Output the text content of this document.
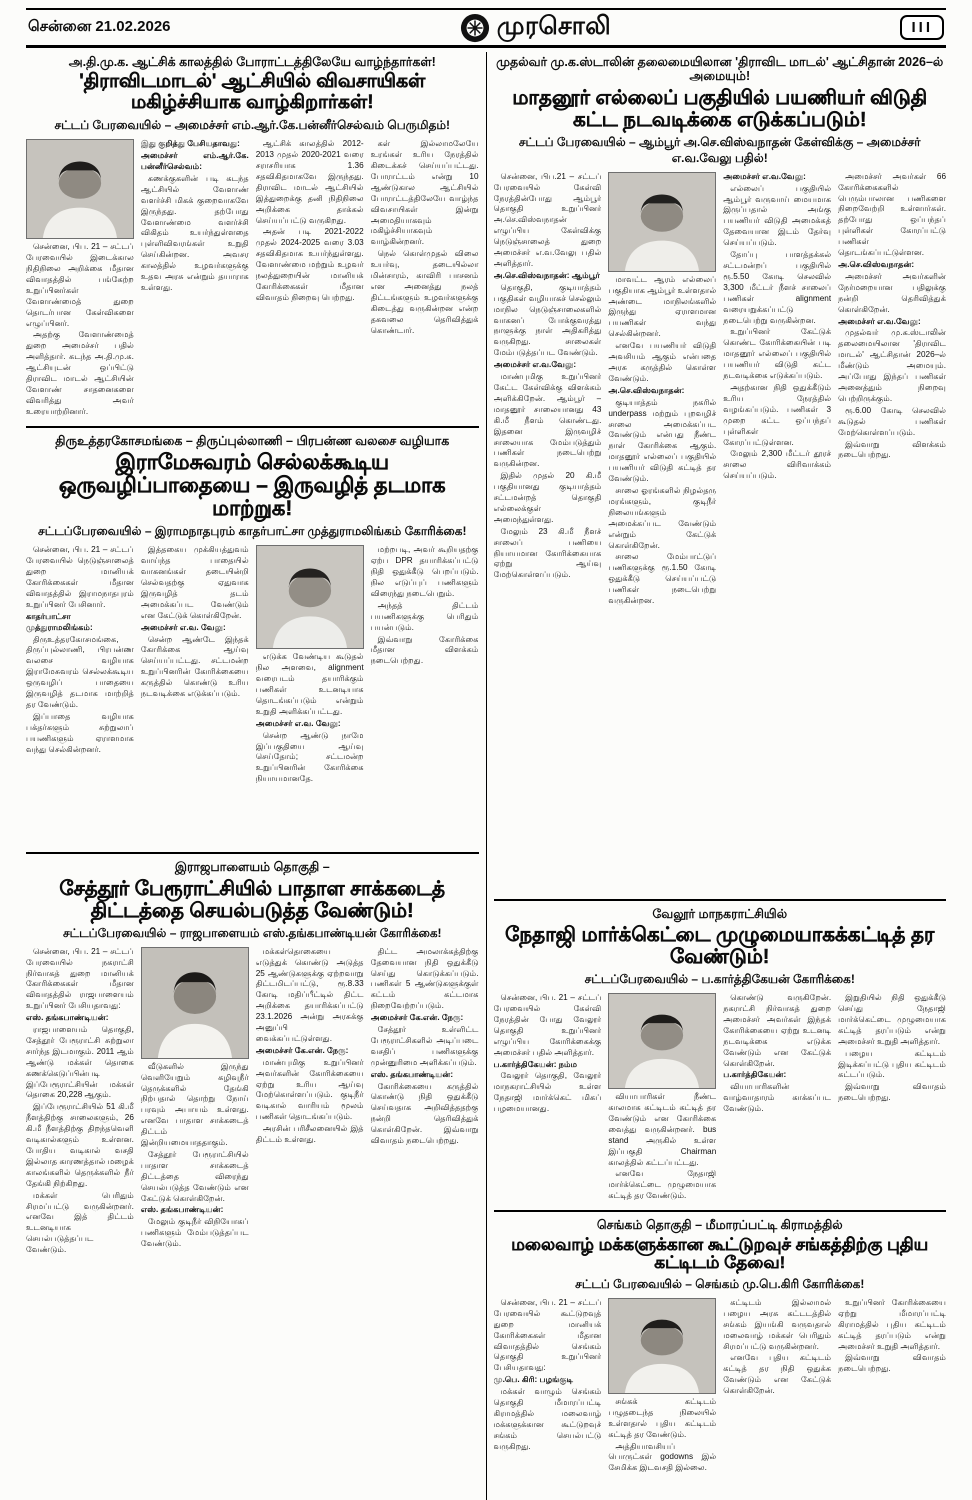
சென்னை 21.02.2026	முரசொலி	III
அ.தி.மு.க. ஆட்சிக் காலத்தில் போராட்டத்திலேயே வாழ்ந்தார்கள்!
'திராவிடமாடல்' ஆட்சியில் விவசாயிகள் மகிழ்ச்சியாக வாழ்கிறார்கள்!
சட்டப் பேரவையில் – அமைச்சர் எம்.ஆர்.கே.பன்னீர்செல்வம் பெருமிதம்!

சென்னை, பிப. 21 – சட்டப் பேரவையில் இடைக்கால நிதிநிலை அறிக்கை மீதான விவாதத்தில் பங்கேற்ற உறுப்பினர்கள் வேளாண்மைத் துறை தொடர்பான கேள்விகளை எழுப்பினர்.

அதற்கு வேளாண்மைத் துறை அமைச்சர் பதில் அளித்தார். கடந்த அ.தி.மு.க. ஆட்சியுடன் ஒப்பிட்டு திராவிட மாடல் ஆட்சியின் வேளாண் சாதனைகளை விவரித்து அவர் உரையாற்றினார்.

இது குறித்து பேசியதாவது:

அமைச்சர் எம்.ஆர்.கே. பன்னீர்செல்வம்:

கணக்குகளின் படி கடந்த ஆட்சியில் வேளாண் வளர்ச்சி மிகக் குறைவாகவே இருந்தது. தற்போது வேளாண்மை வளர்ச்சி விகிதம் உயர்ந்துள்ளதை புள்ளிவிவரங்கள் உறுதி செய்கின்றன. அவசர காலத்தில் உழவர்களுக்கு உதவ அரசு என்றும் தயாராக உள்ளது.

ஆட்சிக் காலத்தில் 2012-2013 முதல் 2020-2021 வரை சராசரியாக 1.36 சதவிகிதமாகவே இருந்தது. திராவிட மாடல் ஆட்சியில் இத்துறைக்கு தனி நிதிநிலை அறிக்கை தாக்கல் செய்யப்பட்டு வருகிறது.

அதன் படி 2021-2022 முதல் 2024-2025 வரை 3.03 சதவிகிதமாக உயர்ந்துள்ளது. வேளாண்மை மற்றும் உழவர் நலத்துறையின் மானியக் கோரிக்கைகள் மீதான விவாதம் நிறைவு பெற்றது.

கள் இல்லாமலேயே உரங்கள் உரிய நேரத்தில் கிடைக்கச் செய்யப்பட்டது. போராட்டம் என்று 10 ஆண்டுகால ஆட்சியில் போராட்டத்திலேயே வாழ்ந்த விவசாயிகள் இன்று அமைதியாகவும் மகிழ்ச்சியாகவும் வாழ்கின்றனர்.

நெல் கொள்முதல் விலை உயர்வு, தடையில்லா மின்சாரம், காவிரி பாசனம் என அனைத்து நலத் திட்டங்களும் உழவர்களுக்கு கிடைத்து வருகின்றன என்ற தகவலை தெரிவித்துக் கொண்டார்.

திருஉத்தரகோசமங்கை – திருப்புல்லாணி – பிரபன்ண வலசை வழியாக
இராமேசுவரம் செல்லக்கூடிய ஒருவழிப்பாதையை – இருவழித் தடமாக மாற்றுக!
சட்டப்பேரவையில் – இராமநாதபுரம் காதர்பாட்சா முத்துராமலிங்கம் கோரிக்கை!

சென்னை, பிப. 21 – சட்டப் பேரவையில் நெடுஞ்சாலைத் துறை மானியக் கோரிக்கைகள் மீதான விவாதத்தில் இராமநாதபுரம் உறுப்பினர் பேசினார்.

காதர்பாட்சா முத்துராமலிங்கம்:

திருஉத்தரகோசமங்கை, திருப்புல்லாணி, பிரபன்ண வலசை வழியாக இராமேசுவரம் செல்லக்கூடிய ஒருவழிப் பாதையை இருவழித் தடமாக மாற்றித் தர வேண்டும்.

இப்பாதை வழியாக பக்தர்களும் சுற்றுலாப் பயணிகளும் ஏராளமாக வந்து செல்கின்றனர்.

இத்தகைய முக்கியத்துவம் வாய்ந்த பாதையில் வாகனங்கள் தடையின்றி செல்வதற்கு ஏதுவாக இருவழித் தடம் அமைக்கப்பட வேண்டும் என கேட்டுக் கொள்கிறேன்.

அமைச்சர் எ.வ. வேலு:

சென்ற ஆண்டே இந்தக் கோரிக்கை ஆய்வு செய்யப்பட்டது. சட்டமன்ற உறுப்பினரின் கோரிக்கையை கருத்தில் கொண்டு உரிய நடவடிக்கை எடுக்கப்படும்.

எடுக்க வேண்டிய கூடுதல் நில அளவை, alignment வரைபடம் தயாரிக்கும் பணிகள் உடனடியாக தொடங்கப்படும் என்றும் உறுதி அளிக்கப்பட்டது.

அமைச்சர் எ.வ. வேலு:

சென்ற ஆண்டு நாமே இப்பகுதியை ஆய்வு செய்தோம்; சட்டமன்ற உறுப்பினரின் கோரிக்கை நியாயமானதே.

மற்றபடி, அவர் கூறியதற்கு ஏற்ப DPR தயாரிக்கப்பட்டு நிதி ஒதுக்கீடு பெறப்படும். நில எடுப்புப் பணிகளும் விரைந்து நடைபெறும்.

அந்தத் திட்டம் பயணிகளுக்கு பெரிதும் பயன்படும்.

இவ்வாறு கோரிக்கை மீதான விளக்கம் நடைபெற்றது.

இராஜபாளையம் தொகுதி –
சேத்தூர் பேரூராட்சியில் பாதாள சாக்கடைத் திட்டத்தை செயல்படுத்த வேண்டும்!
சட்டப்பேரவையில் – ராஜபாளையம் எஸ்.தங்கபாண்டியன் கோரிக்கை!

சென்னை, பிப. 21 – சட்டப் பேரவையில் நகராட்சி நிர்வாகத் துறை மானியக் கோரிக்கைகள் மீதான விவாதத்தில் ராஜபாளையம் உறுப்பினர் பேசியதாவது:

எஸ். தங்கபாண்டியன்:

ராஜபாளையம் தொகுதி, சேத்தூர் பேரூராட்சி சுற்றுலா சார்ந்த இடமாகும். 2011 ஆம் ஆண்டு மக்கள் தொகை கணக்கெடுப்பின்படி இப்பேரூராட்சியின் மக்கள் தொகை 20,228 ஆகும்.

இப்பேரூராட்சியில் 51 கி.மீ நீளத்திற்கு சாலைகளும், 26 கி.மீ நீளத்திற்கு திறந்தவெளி வடிகால்களும் உள்ளன. போதிய வடிகால் வசதி இல்லாத காரணத்தால் மழைக் காலங்களில் தெருக்களில் நீர் தேங்கி நிற்கிறது.

மக்கள் பெரிதும் சிரமப்பட்டு வருகின்றனர். எனவே இத் திட்டம் உடனடியாக செயல்படுத்தப்பட வேண்டும்.

வீடுகளில் இருந்து வெளியேறும் கழிவுநீர் தெருக்களில் தேங்கி நிற்பதால் தொற்று நோய் பரவும் அபாயம் உள்ளது. எனவே பாதாள சாக்கடைத் திட்டம் இன்றியமையாததாகும்.

சேத்தூர் பேரூராட்சியில் பாதாள சாக்கடைத் திட்டத்தை விரைந்து செயல்படுத்த வேண்டும் என கேட்டுக் கொள்கிறேன்.

எஸ். தங்கபாண்டியன்:

மேலும் குடிநீர் விநியோகப் பணிகளும் மேம்படுத்தப்பட வேண்டும்.

மக்கள்தொகையை எடுத்துக் கொண்டு அடுத்த 25 ஆண்டுகளுக்கு ஏற்றவாறு திட்டமிடப்பட்டு, ரூ.8.33 கோடி மதிப்பீட்டில் திட்ட அறிக்கை தயாரிக்கப்பட்டு 23.1.2026 அன்று அரசுக்கு அனுப்பி வைக்கப்பட்டுள்ளது.

அமைச்சர் கே.என். நேரு:

மாண்புமிகு உறுப்பினர் அவர்களின் கோரிக்கையை ஏற்று உரிய ஆய்வு மேற்கொள்ளப்படும். குடிநீர் வடிகால் வாரியம் மூலம் பணிகள் தொடங்கப்படும்.

அரசின் பரிசீலனையில் இத் திட்டம் உள்ளது.

திட்ட அமலாக்கத்திற்கு தேவையான நிதி ஒதுக்கீடு செய்து கொடுக்கப்படும். பணிகள் 5 ஆண்டுகளுக்குள் கட்டம் கட்டமாக நிறைவேற்றப்படும்.

அமைச்சர் கே.என். நேரு:

சேத்தூர் உள்ளிட்ட பேரூராட்சிகளில் அடிப்படை வசதிப் பணிகளுக்கு முன்னுரிமை அளிக்கப்படும்.

எஸ். தங்கபாண்டியன்:

கோரிக்கையை கருத்தில் கொண்டு நிதி ஒதுக்கீடு செய்வதாக அறிவித்ததற்கு நன்றி தெரிவித்துக் கொள்கிறேன். இவ்வாறு விவாதம் நடைபெற்றது.

முதல்வர் மு.க.ஸ்டாலின் தலைமையிலான 'திராவிட மாடல்' ஆட்சிதான் 2026–ல் அமையும்!
மாதனூர் எல்லைப் பகுதியில் பயணியர் விடுதி கட்ட நடவடிக்கை எடுக்கப்படும்!
சட்டப் பேரவையில் – ஆம்பூர் அ.செ.விஸ்வநாதன் கேள்விக்கு – அமைச்சர் எ.வ.வேலு பதில்!

சென்னை, பிப.21 – சட்டப் பேரவையில் கேள்வி நேரத்தின்போது ஆம்பூர் தொகுதி உறுப்பினர் அ.செ.விஸ்வநாதன் எழுப்பிய கேள்விக்கு நெடுஞ்சாலைத் துறை அமைச்சர் எ.வ.வேலு பதில் அளித்தார்.

அ.செ.விஸ்வநாதன்: ஆம்பூர்

தொகுதி, குடியாத்தம் பகுதிகள் வழியாகச் செல்லும் மாநில நெடுஞ்சாலைகளில் வாகனப் போக்குவரத்து நாளுக்கு நாள் அதிகரித்து வருகிறது. சாலைகள் மேம்படுத்தப்பட வேண்டும்.

அமைச்சர் எ.வ.வேலு:

மாண்புமிகு உறுப்பினர் கேட்ட கேள்விக்கு விளக்கம் அளிக்கிறேன். ஆம்பூர் – மாதனூர் சாலையானது 43 கி.மீ நீளம் கொண்டது. இதனை இருவழிச் சாலையாக மேம்படுத்தும் பணிகள் நடைபெற்று வருகின்றன.

இதில் முதல் 20 கி.மீ பகுதியானது குடியாத்தம் சட்டமன்றத் தொகுதி எல்லைக்குள் அமைந்துள்ளது.

மேலும் 23 கி.மீ நீளச் சாலைப் பணியை நியாயமான கோரிக்கையாக ஏற்று ஆய்வு மேற்கொள்ளப்படும்.

மாவட்ட ஆரம் எல்லைப் பகுதியாக ஆம்பூர் உள்ளதால் அண்டை மாநிலங்களில் இருந்து ஏராளமான பயணிகள் வந்து செல்கின்றனர்.

எனவே பயணியர் விடுதி அவசியம் ஆகும் என்பதை அரசு கருத்தில் கொள்ள வேண்டும்.

அ.செ.விஸ்வநாதன்:

குடியாத்தம் நகரில் underpass மற்றும் புறவழிச் சாலை அமைக்கப்பட வேண்டும் என்பது நீண்ட நாள் கோரிக்கை ஆகும். மாதனூர் எல்லைப் பகுதியில் பயணியர் விடுதி கட்டித் தர வேண்டும்.

சாலை ஓரங்களில் நிழல்தரு மரங்களும், குடிநீர் நிலையங்களும் அமைக்கப்பட வேண்டும் என்றும் கேட்டுக் கொள்கிறேன்.

சாலை மேம்பாட்டுப் பணிகளுக்கு ரூ.1.50 கோடி ஒதுக்கீடு செய்யப்பட்டு பணிகள் நடைபெற்று வருகின்றன.

அமைச்சர் எ.வ.வேலு:

எல்லைப் பகுதியில் ஆம்பூர் வருவாய் மையமாக இருப்பதால் அங்கு பயணியர் விடுதி அமைக்கத் தேவையான இடம் தேர்வு செய்யப்படும்.

தோப்பு பாளத்தக்கல் சட்டமன்றப் பகுதியில் ரூ.5.50 கோடி செலவில் 3,300 மீட்டர் நீளச் சாலைப் பணிகள் alignment வரையறுக்கப்பட்டு நடைபெற்று வருகின்றன.

உறுப்பினர் கேட்டுக் கொண்ட கோரிக்கையின் படி மாதனூர் எல்லைப் பகுதியில் பயணியர் விடுதி கட்ட நடவடிக்கை எடுக்கப்படும்.

அதற்கான நிதி ஒதுக்கீடும் உரிய நேரத்தில் வழங்கப்படும். பணிகள் 3 முறை கட்ட ஒப்பந்தப் புள்ளிகள் கோரப்பட்டுள்ளன.

மேலும் 2,300 மீட்டர் தூரச் சாலை விரிவாக்கம் செய்யப்படும்.

அமைச்சர் அவர்கள் 66 கோரிக்கைகளில் பெரும்பாலான பணிகளை நிறைவேற்றி உள்ளார்கள். தற்போது ஒப்பந்தப் புள்ளிகள் கோரப்பட்டு பணிகள் தொடங்கப்பட்டுள்ளன.

அ.செ.விஸ்வநாதன்:

அமைச்சர் அவர்களின் நேர்மறையான பதிலுக்கு நன்றி தெரிவித்துக் கொள்கிறேன்.

அமைச்சர் எ.வ.வேலு:

முதல்வர் மு.க.ஸ்டாலின் தலைமையிலான 'திராவிட மாடல்' ஆட்சிதான் 2026–ல் மீண்டும் அமையும். அப்போது இந்தப் பணிகள் அனைத்தும் நிறைவு பெற்றிருக்கும்.

ரூ.6.00 கோடி செலவில் கூடுதல் பணிகள் மேற்கொள்ளப்படும்.

இவ்வாறு விளக்கம் நடைபெற்றது.

வேலூர் மாநகராட்சியில்
நேதாஜி மார்க்கெட்டை முழுமையாகக்கட்டித் தர வேண்டும்!
சட்டப்பேரவையில் – ப.கார்த்திகேயன் கோரிக்கை!

சென்னை, பிப. 21 – சட்டப் பேரவையில் கேள்வி நேரத்தின் போது வேலூர் தொகுதி உறுப்பினர் எழுப்பிய கோரிக்கைக்கு அமைச்சர் பதில் அளித்தார்.

ப.கார்த்திகேயன்: நம்ம

வேலூர் தொகுதி, வேலூர் மாநகராட்சியில் உள்ள நேதாஜி மார்க்கெட் மிகப் பழமையானது.

வியாபாரிகள் நீண்ட காலமாக கட்டிடம் கட்டித் தர வேண்டும் என கோரிக்கை வைத்து வருகின்றனர். bus stand அருகில் உள்ள இப்பகுதி Chairman காலத்தில் கட்டப்பட்டது.

எனவே நேதாஜி மார்க்கெட்டை முழுமையாக கட்டித் தர வேண்டும்.

கொண்டு வருகிறேன். நகராட்சி நிர்வாகத் துறை அமைச்சர் அவர்கள் இந்தக் கோரிக்கையை ஏற்று உடனடி நடவடிக்கை எடுக்க வேண்டும் என கேட்டுக் கொள்கிறேன்.

ப.கார்த்திகேயன்:

வியாபாரிகளின் வாழ்வாதாரம் காக்கப்பட வேண்டும்.

இறுதியில் நிதி ஒதுக்கீடு செய்து நேதாஜி மார்க்கெட்டை முழுமையாக கட்டித் தரப்படும் என்று அமைச்சர் உறுதி அளித்தார்.

பழைய கட்டிடம் இடிக்கப்பட்டு புதிய கட்டிடம் கட்டப்படும்.

இவ்வாறு விவாதம் நடைபெற்றது.

செங்கம் தொகுதி – மீமாரப்பட்டி கிராமத்தில்
மலைவாழ் மக்களுக்கான கூட்டுறவுச் சங்கத்திற்கு புதிய கட்டிடம் தேவை!
சட்டப் பேரவையில் – செங்கம் மு.பெ.கிரி கோரிக்கை!

சென்னை, பிப. 21 – சட்டப் பேரவையில் கூட்டுறவுத் துறை மானியக் கோரிக்கைகள் மீதான விவாதத்தில் செங்கம் தொகுதி உறுப்பினர் பேசியதாவது:

மு.பெ. கிரி: பழங்குடி

மக்கள் வாழும் செங்கம் தொகுதி மீமாரப்பட்டி கிராமத்தில் மலைவாழ் மக்களுக்கான கூட்டுறவுச் சங்கம் செயல்பட்டு வருகிறது.

சங்கக் கட்டிடம் பழுதடைந்த நிலையில் உள்ளதால் புதிய கட்டிடம் கட்டித் தர வேண்டும்.

அத்தியாவசியப் பொருட்கள் godowns இல் சேமிக்க இடவசதி இல்லை.

கட்டிடம் இல்லாமல் பழைய அரசு கட்டடத்தில் சங்கம் இயங்கி வருவதால் மலைவாழ் மக்கள் பெரிதும் சிரமப்பட்டு வருகின்றனர்.

எனவே புதிய கட்டிடம் கட்டித் தர நிதி ஒதுக்க வேண்டும் என கேட்டுக் கொள்கிறேன்.

உறுப்பினர் கோரிக்கையை ஏற்று மீமாரப்பட்டி கிராமத்தில் புதிய கட்டிடம் கட்டித் தரப்படும் என்று அமைச்சர் உறுதி அளித்தார்.

இவ்வாறு விவாதம் நடைபெற்றது.
